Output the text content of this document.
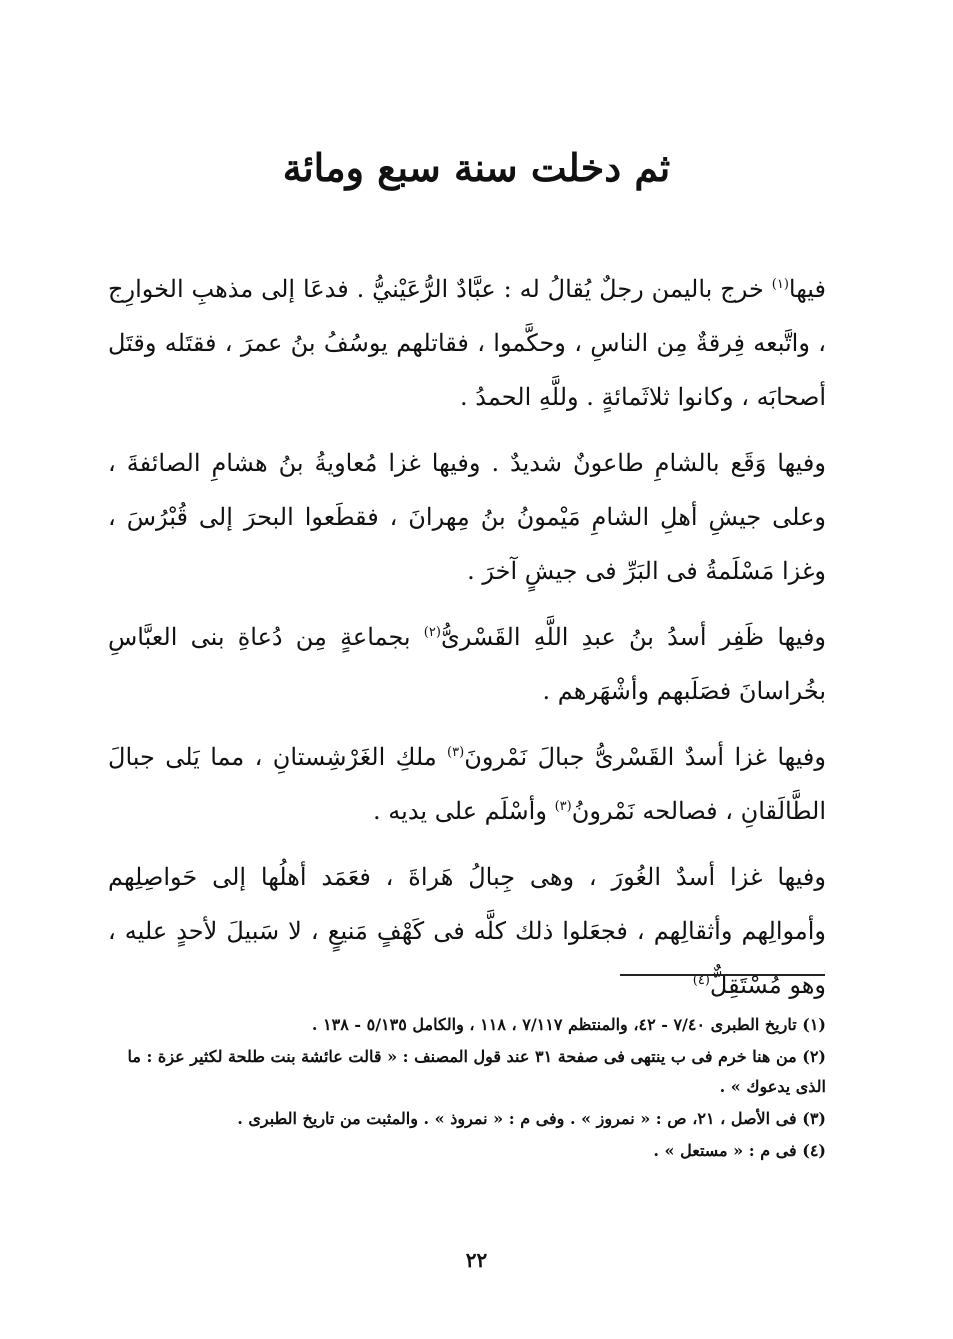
ثم دخلت سنة سبع ومائة

فيها$^{(١)}$ خرج باليمن رجلٌ يُقالُ له : عبَّادٌ الرُّعَيْنيُّ . فدعَا إلى مذهبِ الخوارِج ، واتَّبعه فِرقةٌ مِن الناسِ ، وحكَّموا ، فقاتلهم يوسُفُ بنُ عمرَ ، فقتَله وقتَل أصحابَه ، وكانوا ثلاثَمائةٍ . وللَّهِ الحمدُ .

وفيها وَقَع بالشامِ طاعونٌ شديدٌ . وفيها غزا مُعاويةُ بنُ هشامِ الصائفةَ ، وعلى جيشِ أهلِ الشامِ مَيْمونُ بنُ مِهرانَ ، فقطَعوا البحرَ إلى قُبْرُسَ ، وغزا مَسْلَمةُ فى البَرِّ فى جيشٍ آخرَ .

وفيها ظَفِر أسدُ بنُ عبدِ اللَّهِ القَسْرىُّ$^{(٢)}$ بجماعةٍ مِن دُعاةِ بنى العبَّاسِ بخُراسانَ فصَلَبهم وأشْهَرهم .

وفيها غزا أسدٌ القَسْرىُّ جبالَ نَمْرونَ$^{(٣)}$ ملكِ الغَرْشِستانِ ، مما يَلى جبالَ الطَّالَقانِ ، فصالحه نَمْرونُ$^{(٣)}$ وأسْلَم على يديه .

وفيها غزا أسدٌ الغُورَ ، وهى جِبالُ هَراةَ ، فعَمَد أهلُها إلى حَواصِلِهم وأموالِهم وأثقالِهم ، فجعَلوا ذلك كلَّه فى كَهْفٍ مَنيعٍ ، لا سَبيلَ لأحدٍ عليه ، وهو مُسْتَقِلٌّ$^{(٤)}$

(١) تاريخ الطبرى ٧/٤٠ - ٤٢، والمنتظم ٧/١١٧ ، ١١٨ ، والكامل ٥/١٣٥ - ١٣٨ .

(٢) من هنا خرم فى ب ينتهى فى صفحة ٣١ عند قول المصنف : « قالت عائشة بنت طلحة لكثير عزة : ما الذى يدعوك » .

(٣) فى الأصل ، ٢١، ص : « نمروز » . وفى م : « نمروذ » . والمثبت من تاريخ الطبرى .

(٤) فى م : « مستعل » .

٢٢
